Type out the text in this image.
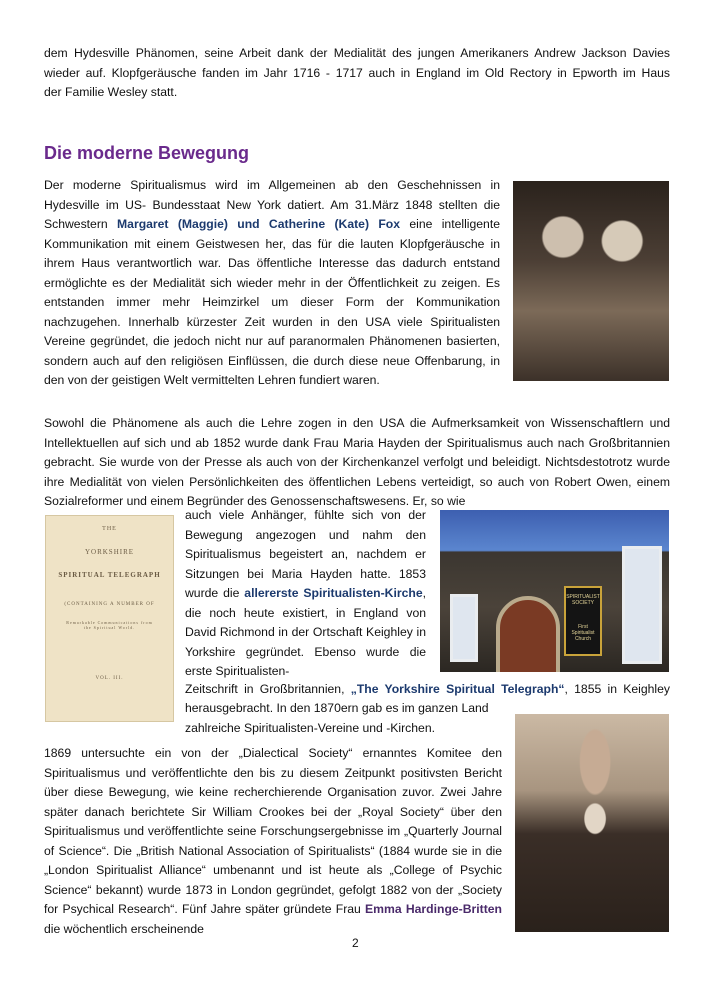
dem Hydesville Phänomen, seine Arbeit dank der Medialität des jungen Amerikaners Andrew Jackson Davies
wieder auf. Klopfgeräusche fanden im Jahr 1716 - 1717 auch in England im Old Rectory in Epworth im Haus
der Familie Wesley statt.
Die moderne Bewegung
Der moderne Spiritualismus wird im Allgemeinen ab den Geschehnissen in Hydesville im US- Bundesstaat New York datiert. Am 31.März 1848 stellten die Schwestern Margaret (Maggie) und Catherine (Kate) Fox eine intelligente Kommunikation mit einem Geistwesen her, das für die lauten Klopfgeräusche in ihrem Haus verantwortlich war. Das öffentliche Interesse das dadurch entstand ermöglichte es der Medialität sich wieder mehr in der Öffentlichkeit zu zeigen. Es entstanden immer mehr Heimzirkel um dieser Form der Kommunikation nachzugehen. Innerhalb kürzester Zeit wurden in den USA viele Spiritualisten Vereine gegründet, die jedoch nicht nur auf paranormalen Phänomenen basierten, sondern auch auf den religiösen Einflüssen, die durch diese neue Offenbarung, in den von der geistigen Welt vermittelten Lehren fundiert waren.
Sowohl die Phänomene als auch die Lehre zogen in den USA die Aufmerksamkeit von Wissenschaftlern und Intellektuellen auf sich und ab 1852 wurde dank Frau Maria Hayden der Spiritualismus auch nach Großbritannien gebracht. Sie wurde von der Presse als auch von der Kirchenkanzel verfolgt und beleidigt. Nichtsdestotrotz wurde ihre Medialität von vielen Persönlichkeiten des öffentlichen Lebens verteidigt, so auch von Robert Owen, einem Sozialreformer und einem Begründer des Genossenschaftswesens. Er, so wie
THE
YORKSHIRE
SPIRITUAL TELEGRAPH
(CONTAINING A NUMBER OF
Remarkable Communications from the Spiritual World.
VOL. III.
auch viele Anhänger, fühlte sich von der Bewegung angezogen und nahm den Spiritualismus begeistert an, nachdem er Sitzungen bei Maria Hayden hatte. 1853 wurde die allererste Spiritualisten-Kirche, die noch heute existiert, in England von David Richmond in der Ortschaft Keighley in Yorkshire gegründet. Ebenso wurde die erste Spiritualisten-
SPIRITUALIST SOCIETY
First Spiritualist Church
Zeitschrift in Großbritannien, „The Yorkshire Spiritual Telegraph“, 1855 in Keighley
herausgebracht. In den 1870ern gab es im ganzen Land
zahlreiche Spiritualisten-Vereine und -Kirchen.
1869 untersuchte ein von der „Dialectical Society“ ernanntes Komitee den Spiritualismus und veröffentlichte den bis zu diesem Zeitpunkt positivsten Bericht über diese Bewegung, wie keine recherchierende Organisation zuvor. Zwei Jahre später danach berichtete Sir William Crookes bei der „Royal Society“ über den Spiritualismus und veröffentlichte seine Forschungsergebnisse im „Quarterly Journal of Science“. Die „British National Association of Spiritualists“ (1884 wurde sie in die „London Spiritualist Alliance“ umbenannt und ist heute als „College of Psychic Science“ bekannt) wurde 1873 in London gegründet, gefolgt 1882 von der „Society for Psychical Research“. Fünf Jahre später gründete Frau Emma Hardinge-Britten die wöchentlich erscheinende
2
